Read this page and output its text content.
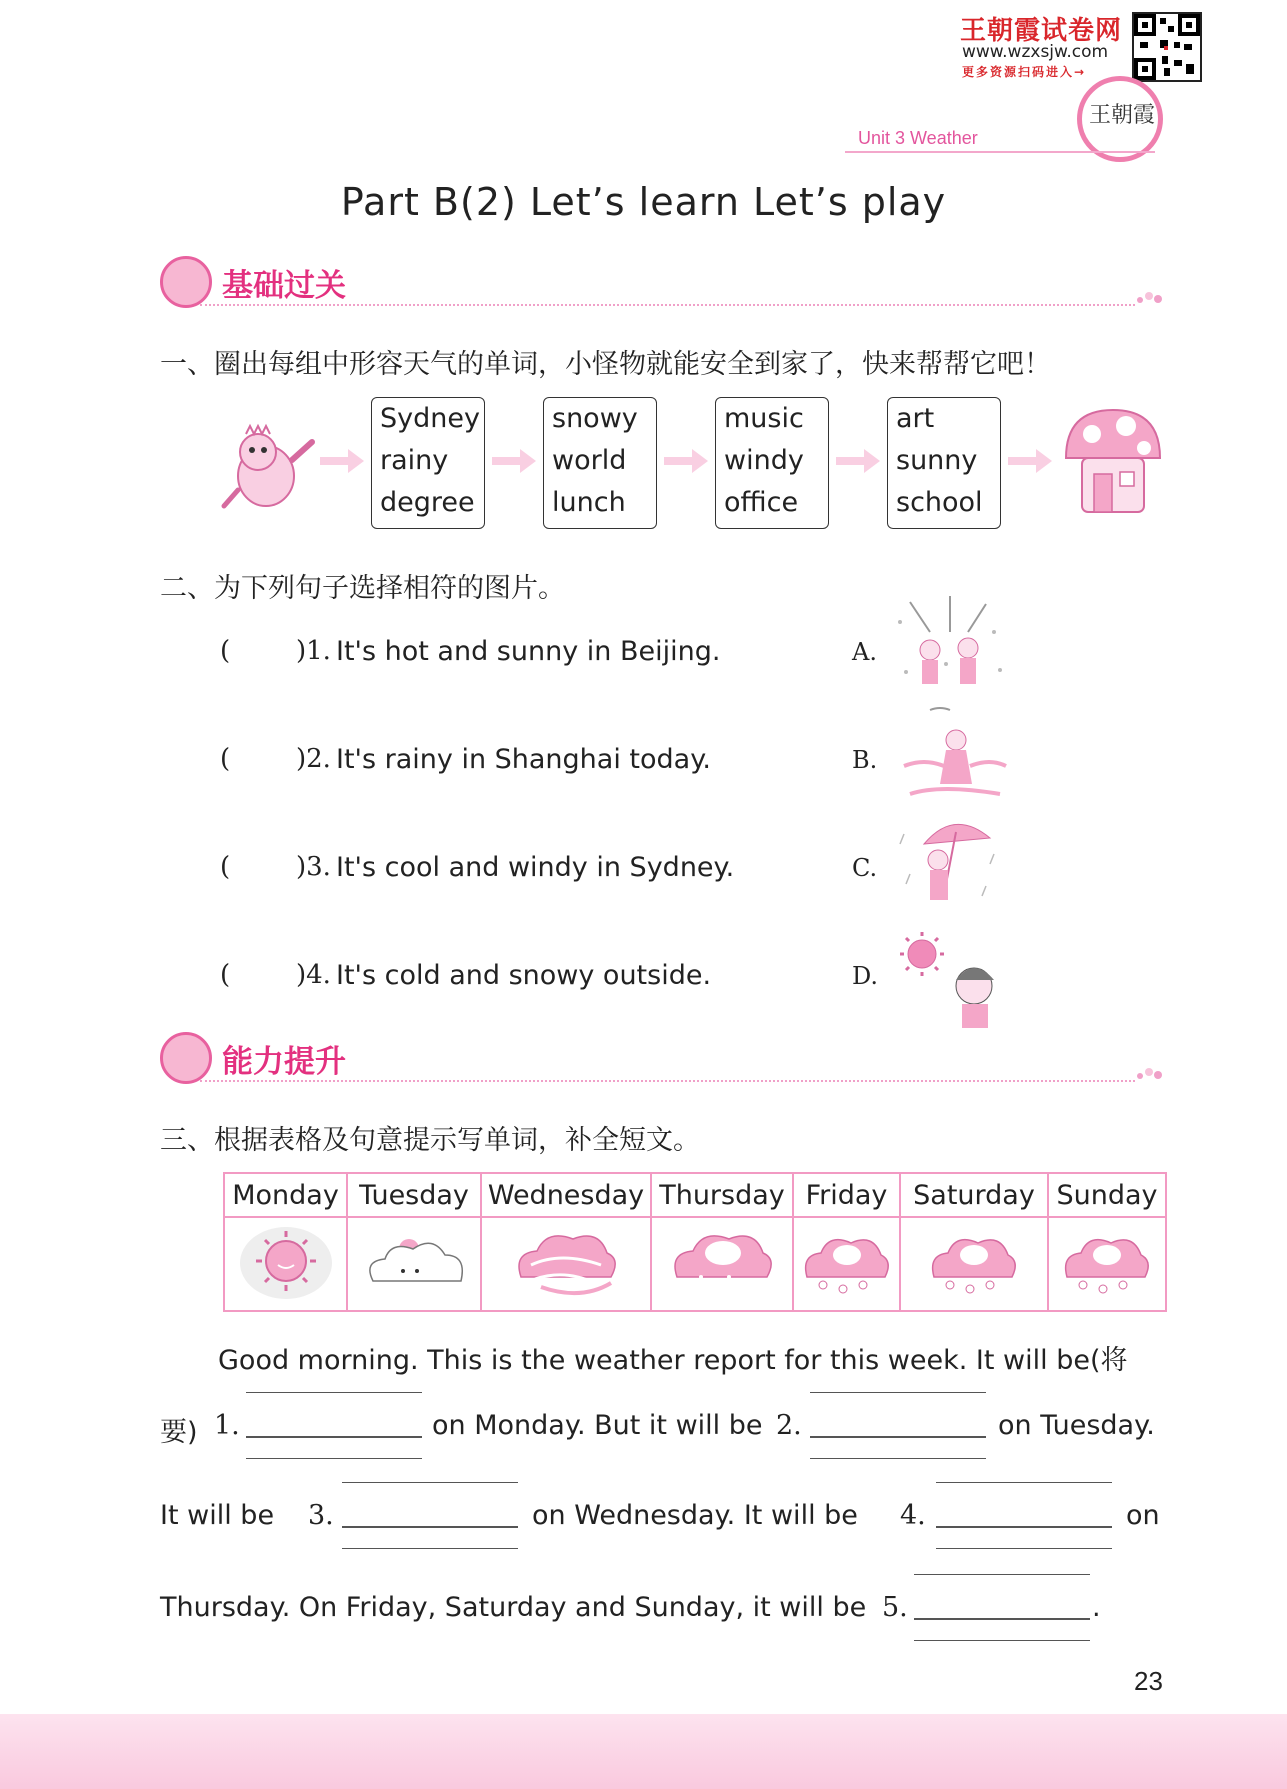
王朝霞试卷网
www.wzxsjw.com
更多资源扫码进入→
王朝霞
Unit 3 Weather
Part B(2) Let’s learn Let’s play
基础过关
一、圈出每组中形容天气的单词，小怪物就能安全到家了，快来帮帮它吧！
Sydney
rainy
degree
snowy
world
lunch
music
windy
office
art
sunny
school
二、为下列句子选择相符的图片。
(	)1. It's hot and sunny in Beijing.	A.
(	)2. It's rainy in Shanghai today.	B.
(	)3. It's cool and windy in Sydney.	C.
(	)4. It's cold and snowy outside.	D.
能力提升
三、根据表格及句意提示写单词，补全短文。
Monday	Tuesday	Wednesday	Thursday	Friday	Saturday	Sunday

Good morning. This is the weather report for this week. It will be(将
要) 1.	on Monday. But it will be 2.	on Tuesday.
It will be 3.	on Wednesday. It will be 4.	on
Thursday. On Friday, Saturday and Sunday, it will be 5.	.
23
